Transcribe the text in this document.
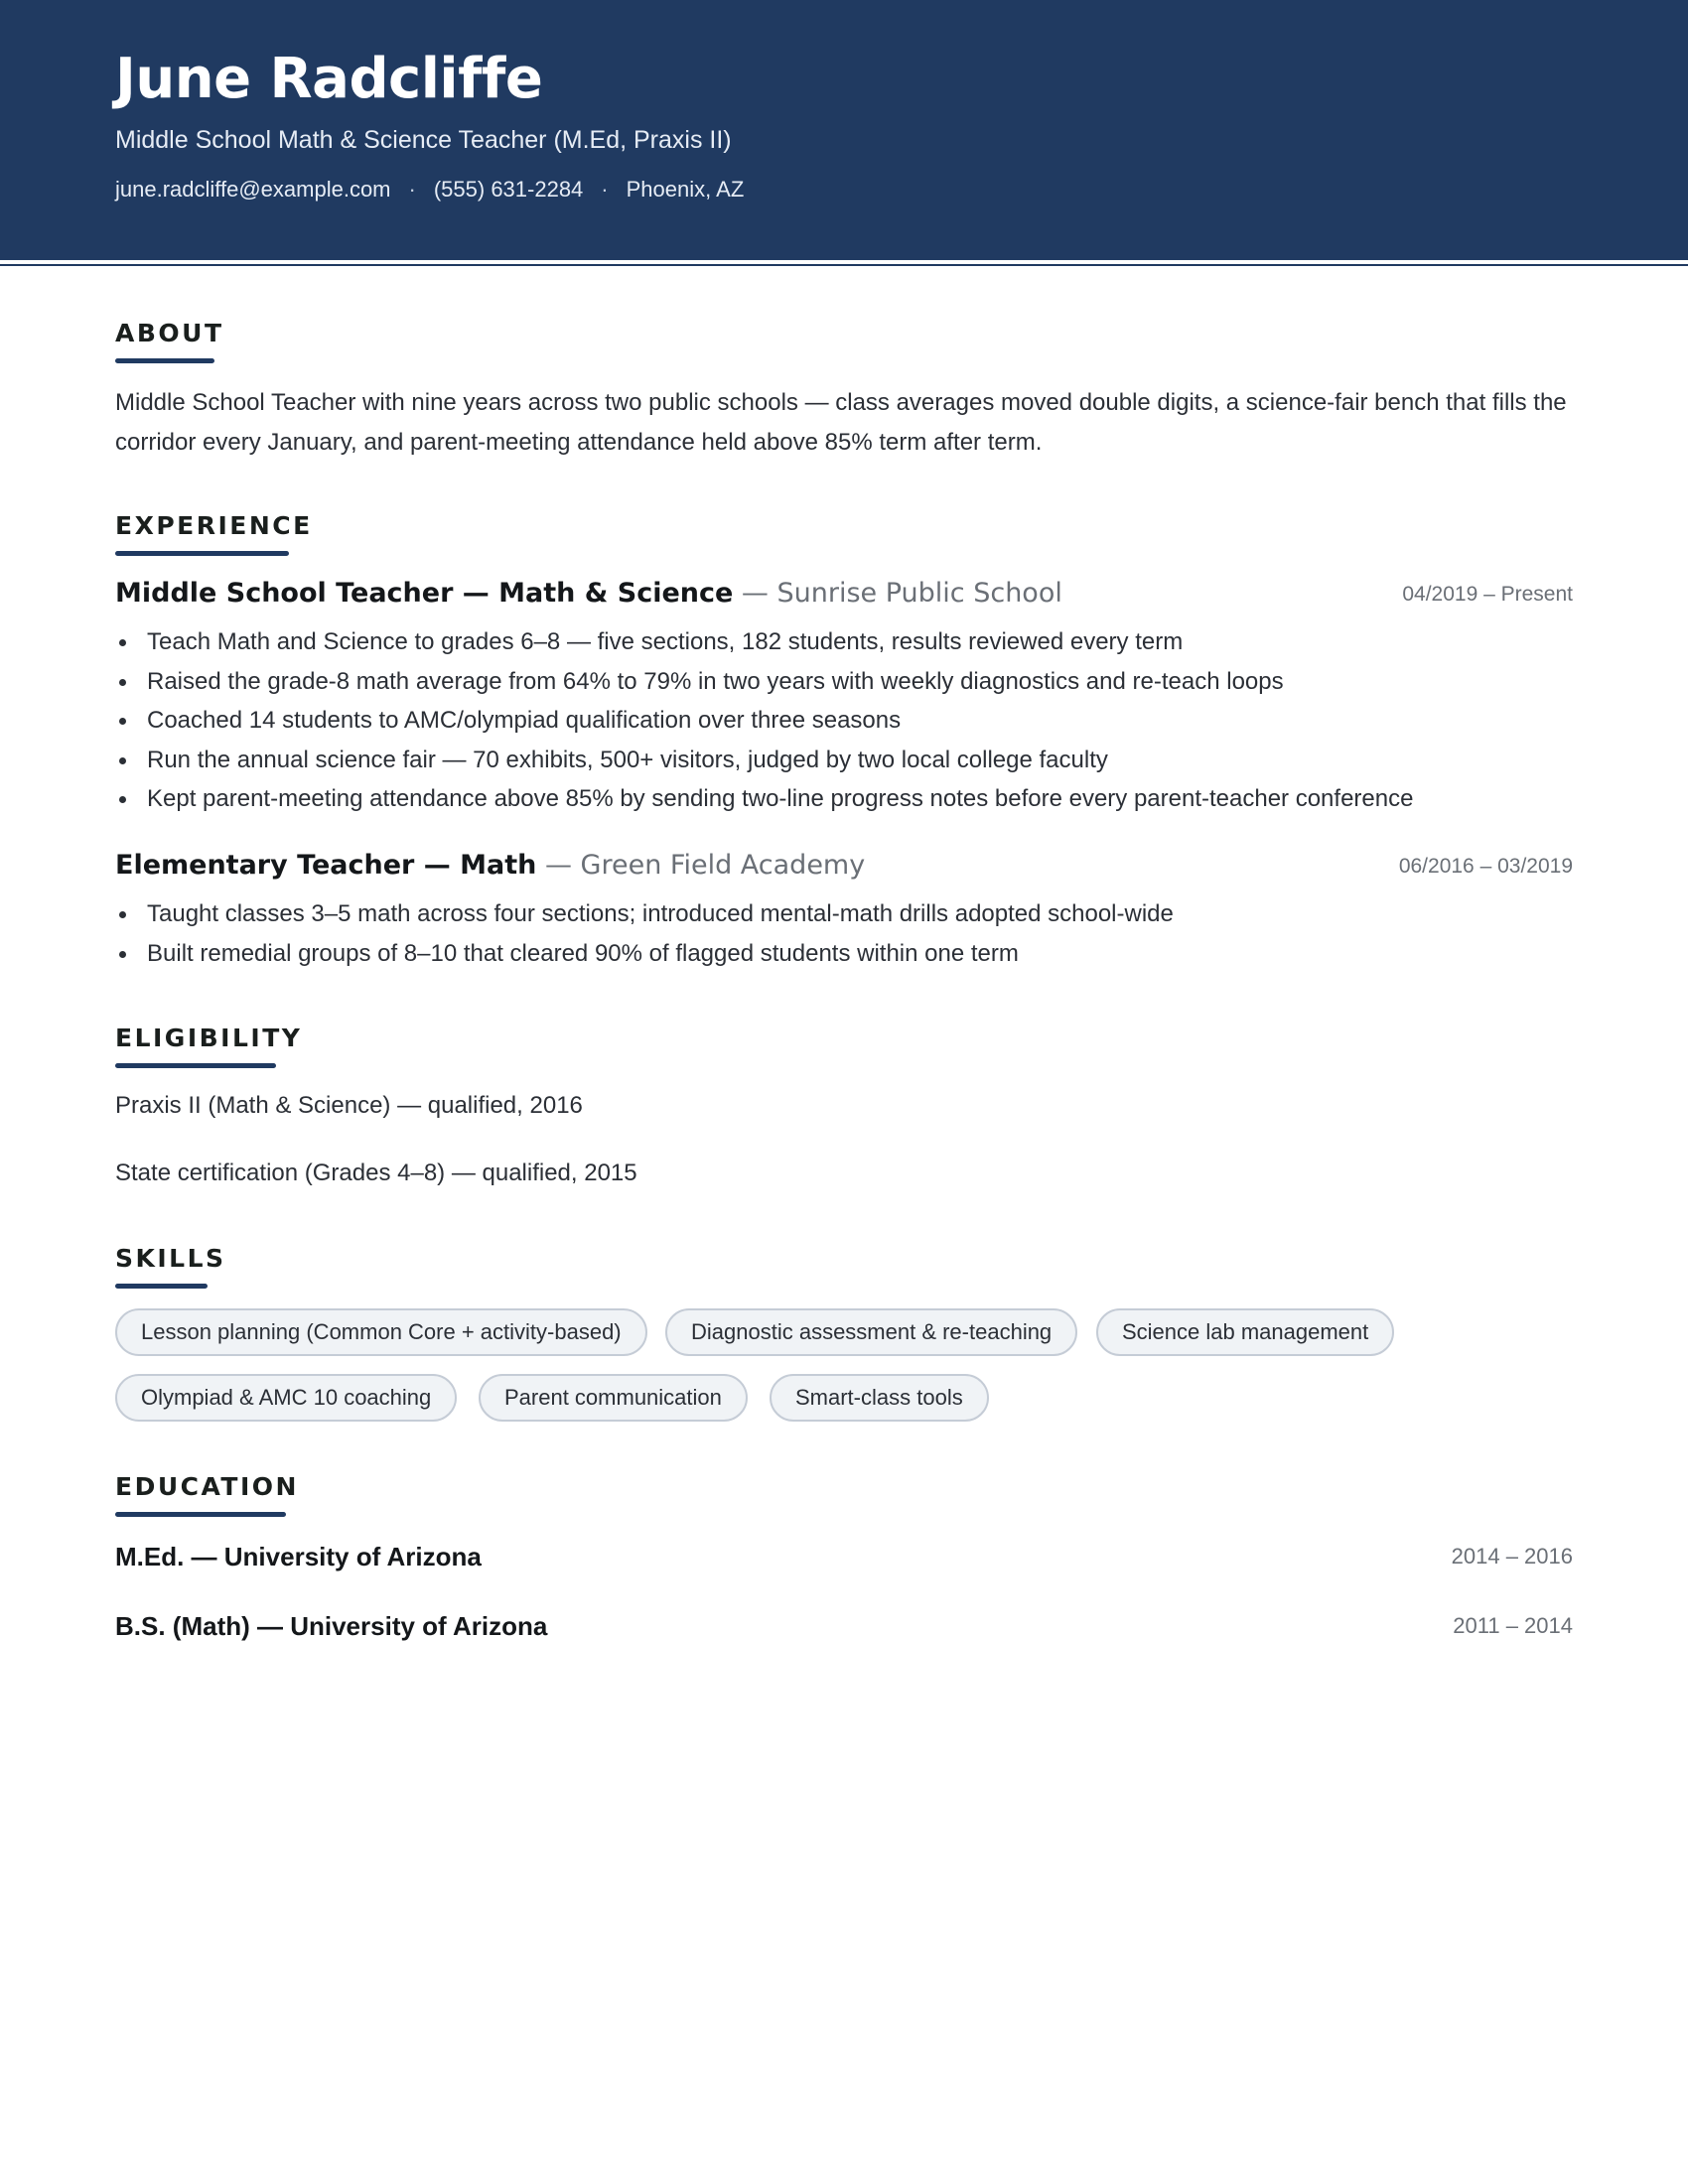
June Radcliffe
Middle School Math & Science Teacher (M.Ed, Praxis II)
june.radcliffe@example.com · (555) 631-2284 · Phoenix, AZ
ABOUT

Middle School Teacher with nine years across two public schools — class averages moved double digits, a science-fair bench that fills the corridor every January, and parent-meeting attendance held above 85% term after term.

EXPERIENCE
Middle School Teacher — Math & Science — Sunrise Public School	04/2019 – Present
Teach Math and Science to grades 6–8 — five sections, 182 students, results reviewed every term
Raised the grade-8 math average from 64% to 79% in two years with weekly diagnostics and re-teach loops
Coached 14 students to AMC/olympiad qualification over three seasons
Run the annual science fair — 70 exhibits, 500+ visitors, judged by two local college faculty
Kept parent-meeting attendance above 85% by sending two-line progress notes before every parent-teacher conference
Elementary Teacher — Math — Green Field Academy	06/2016 – 03/2019
Taught classes 3–5 math across four sections; introduced mental-math drills adopted school-wide
Built remedial groups of 8–10 that cleared 90% of flagged students within one term
ELIGIBILITY
Praxis II (Math & Science) — qualified, 2016
State certification (Grades 4–8) — qualified, 2015
SKILLS
Lesson planning (Common Core + activity-based)	Diagnostic assessment & re-teaching	Science lab management
Olympiad & AMC 10 coaching	Parent communication	Smart-class tools
EDUCATION
M.Ed. — University of Arizona	2014 – 2016
B.S. (Math) — University of Arizona	2011 – 2014
